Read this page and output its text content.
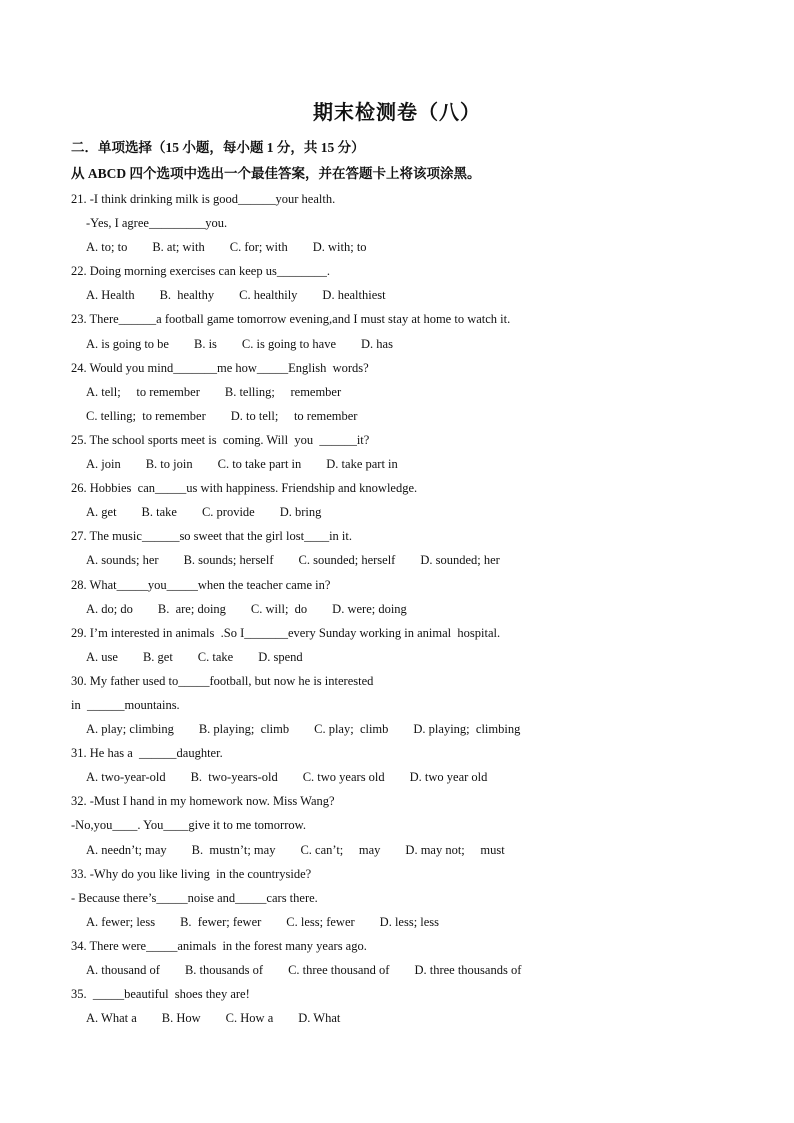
期末检测卷（八）
二．单项选择（15 小题，每小题 1 分，共 15 分）
从 ABCD 四个选项中选出一个最佳答案，并在答题卡上将该项涂黑。
21. -I think drinking milk is good______your health.
-Yes, I agree_________you.
A. to; to        B. at; with        C. for; with        D. with; to
22. Doing morning exercises can keep us________.
A. Health        B.  healthy        C. healthily        D. healthiest
23. There______a football game tomorrow evening,and I must stay at home to watch it.
A. is going to be        B. is        C. is going to have        D. has
24. Would you mind_______me how_____English  words?
A. tell;     to remember        B. telling;     remember
C. telling;  to remember        D. to tell;     to remember
25. The school sports meet is  coming. Will  you  ______it?
A. join        B. to join        C. to take part in        D. take part in
26. Hobbies  can_____us with happiness. Friendship and knowledge.
A. get        B. take        C. provide        D. bring
27. The music______so sweet that the girl lost____in it.
A. sounds; her        B. sounds; herself        C. sounded; herself        D. sounded; her
28. What_____you_____when the teacher came in?
A. do; do        B.  are; doing        C. will;  do        D. were; doing
29. I’m interested in animals  .So I_______every Sunday working in animal  hospital.
A. use        B. get        C. take        D. spend
30. My father used to_____football, but now he is interested
in  ______mountains.
A. play; climbing        B. playing;  climb        C. play;  climb        D. playing;  climbing
31. He has a  ______daughter.
A. two-year-old        B.  two-years-old        C. two years old        D. two year old
32. -Must I hand in my homework now. Miss Wang?
-No,you____. You____give it to me tomorrow.
A. needn’t; may        B.  mustn’t; may        C. can’t;     may        D. may not;     must
33. -Why do you like living  in the countryside?
- Because there’s_____noise and_____cars there.
A. fewer; less        B.  fewer; fewer        C. less; fewer        D. less; less
34. There were_____animals  in the forest many years ago.
A. thousand of        B. thousands of        C. three thousand of        D. three thousands of
35.  _____beautiful  shoes they are!
A. What a        B. How        C. How a        D. What
